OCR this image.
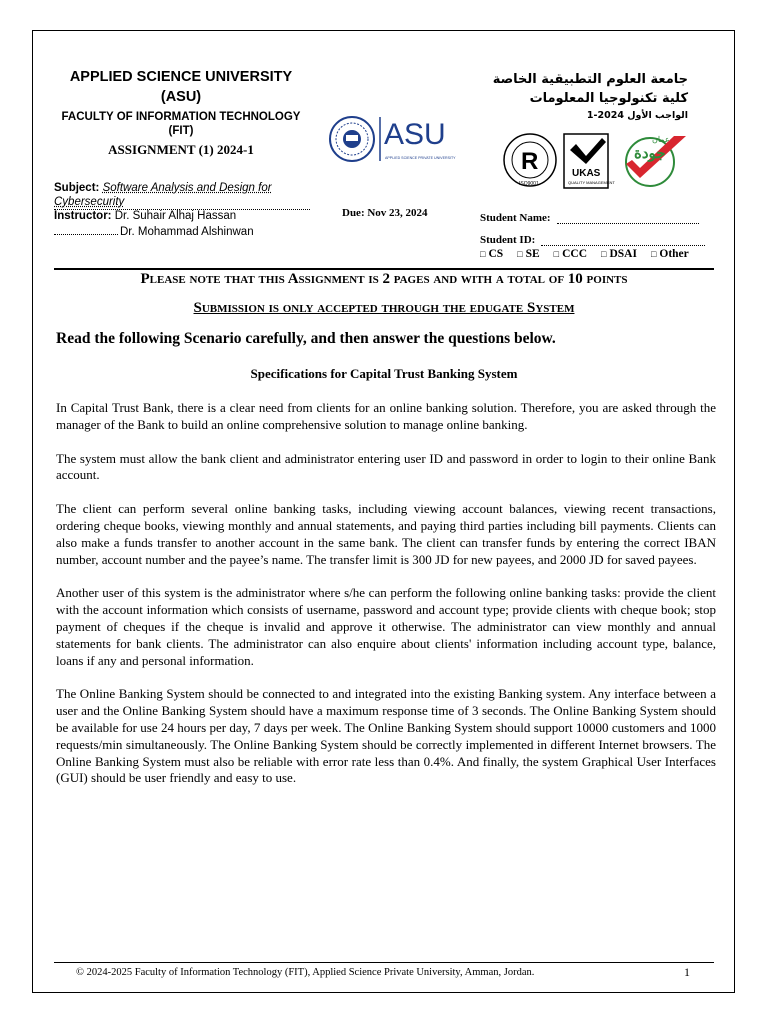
APPLIED SCIENCE UNIVERSITY
(ASU)
FACULTY OF INFORMATION TECHNOLOGY
(FIT)
ASSIGNMENT (1) 2024-1	ASU
APPLIED SCIENCE PRIVATE UNIVERSITY
جامعة العلوم التطبيقية الخاصة
كلية تكنولوجيا المعلومات
الواجب الأول 2024-1
R
ISO9001
UKAS
QUALITY MANAGEMENT
جودة
عمان
Subject: Software Analysis and Design for Cybersecurity
Instructor: Dr. Suhair Alhaj Hassan
Dr. Mohammad Alshinwan
Due: Nov 23, 2024	Student Name:
Student ID:
□ CS □ SE □ CCC □ DSAI □ Other
Please note that this Assignment is 2 pages and with a total of 10 points
Submission is only accepted through the edugate System
Read the following Scenario carefully, and then answer the questions below.
Specifications for Capital Trust Banking System

In Capital Trust Bank, there is a clear need from clients for an online banking solution. Therefore, you are asked through the manager of the Bank to build an online comprehensive solution to manage online banking.

The system must allow the bank client and administrator entering user ID and password in order to login to their online Bank account.

The client can perform several online banking tasks, including viewing account balances, viewing recent transactions, ordering cheque books, viewing monthly and annual statements, and paying third parties including bill payments. Clients can also make a funds transfer to another account in the same bank. The client can transfer funds by entering the correct IBAN number, account number and the payee’s name. The transfer limit is 300 JD for new payees, and 2000 JD for saved payees.

Another user of this system is the administrator where s/he can perform the following online banking tasks: provide the client with the account information which consists of username, password and account type; provide clients with cheque book; stop payment of cheques if the cheque is invalid and approve it otherwise. The administrator can view monthly and annual statements for bank clients. The administrator can also enquire about clients' information including account type, balance, loans if any and personal information.

The Online Banking System should be connected to and integrated into the existing Banking system. Any interface between a user and the Online Banking System should have a maximum response time of 3 seconds. The Online Banking System should be available for use 24 hours per day, 7 days per week. The Online Banking System should support 10000 customers and 1000 requests/min simultaneously. The Online Banking System should be correctly implemented in different Internet browsers. The Online Banking System must also be reliable with error rate less than 0.4%. And finally, the system Graphical User Interfaces (GUI) should be user friendly and easy to use.

© 2024-2025 Faculty of Information Technology (FIT), Applied Science Private University, Amman, Jordan.	1
